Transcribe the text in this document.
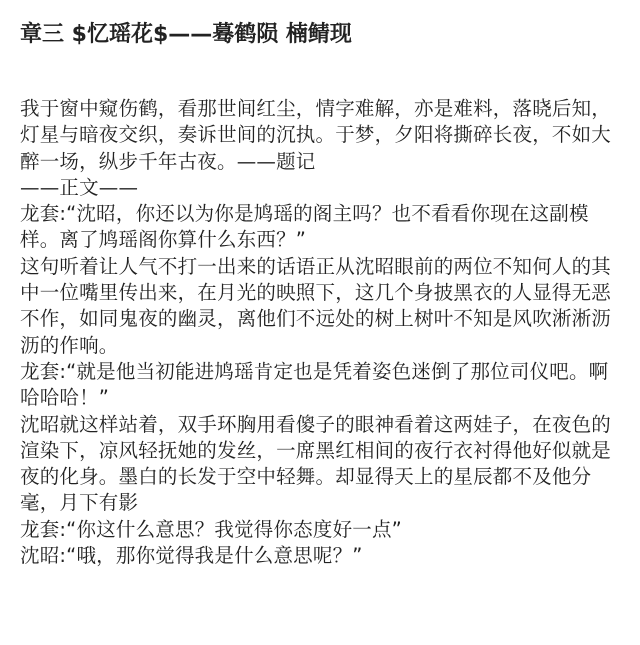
章三 $忆瑶花$——蓦鹤陨 楠鲭现

我于窗中窥伤鹤，看那世间红尘，情字难解，亦是难料，落晓后知，灯星与暗夜交织，奏诉世间的沉执。于梦，夕阳将撕碎长夜，不如大醉一场，纵步千年古夜。——题记

——正文——

龙套:“沈昭，你还以为你是鸠瑶的阁主吗？也不看看你现在这副模样。离了鸠瑶阁你算什么东西？”

这句听着让人气不打一出来的话语正从沈昭眼前的两位不知何人的其中一位嘴里传出来，在月光的映照下，这几个身披黑衣的人显得无恶不作，如同鬼夜的幽灵，离他们不远处的树上树叶不知是风吹淅淅沥沥的作响。

龙套:“就是他当初能进鸠瑶肯定也是凭着姿色迷倒了那位司仪吧。啊哈哈哈！”

沈昭就这样站着，双手环胸用看傻子的眼神看着这两娃子，在夜色的渲染下，凉风轻抚她的发丝，一席黑红相间的夜行衣衬得他好似就是夜的化身。墨白的长发于空中轻舞。却显得天上的星辰都不及他分毫，月下有影

龙套:“你这什么意思？我觉得你态度好一点”

沈昭:“哦，那你觉得我是什么意思呢？”
